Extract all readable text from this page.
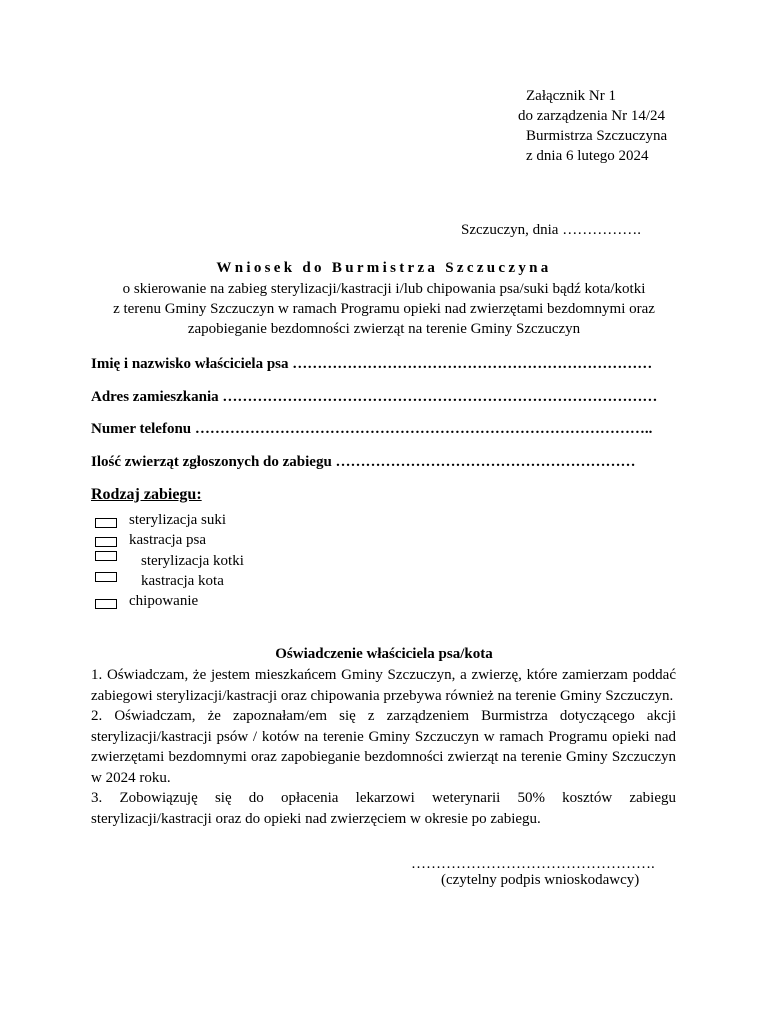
Załącznik Nr 1
do zarządzenia Nr 14/24
Burmistrza Szczuczyna
z dnia 6 lutego 2024
Szczuczyn, dnia …………….
Wniosek do Burmistrza Szczuczyna
o skierowanie na zabieg sterylizacji/kastracji i/lub chipowania psa/suki bądź kota/kotki
z terenu Gminy Szczuczyn w ramach Programu opieki nad zwierzętami bezdomnymi oraz
zapobieganie bezdomności zwierząt na terenie Gminy Szczuczyn
Imię i nazwisko właściciela psa ………………………………………………………………
Adres zamieszkania ……………………………………………………………………………
Numer telefonu ………………………………………………………………………………..
Ilość zwierząt zgłoszonych do zabiegu ……………………………………………………
Rodzaj zabiegu:
sterylizacja suki
kastracja psa
sterylizacja kotki
kastracja kota
chipowanie
Oświadczenie właściciela psa/kota

1. Oświadczam, że jestem mieszkańcem Gminy Szczuczyn, a zwierzę, które zamierzam poddać zabiegowi sterylizacji/kastracji oraz chipowania przebywa również na terenie Gminy Szczuczyn.

2. Oświadczam, że zapoznałam/em się z zarządzeniem Burmistrza dotyczącego akcji sterylizacji/kastracji psów / kotów na terenie Gminy Szczuczyn w ramach Programu opieki nad zwierzętami bezdomnymi oraz zapobieganie bezdomności zwierząt na terenie Gminy Szczuczyn w 2024 roku.

3. Zobowiązuję się do opłacenia lekarzowi weterynarii 50% kosztów zabiegu sterylizacji/kastracji oraz do opieki nad zwierzęciem w okresie po zabiegu.

………………………………………….
(czytelny podpis wnioskodawcy)
